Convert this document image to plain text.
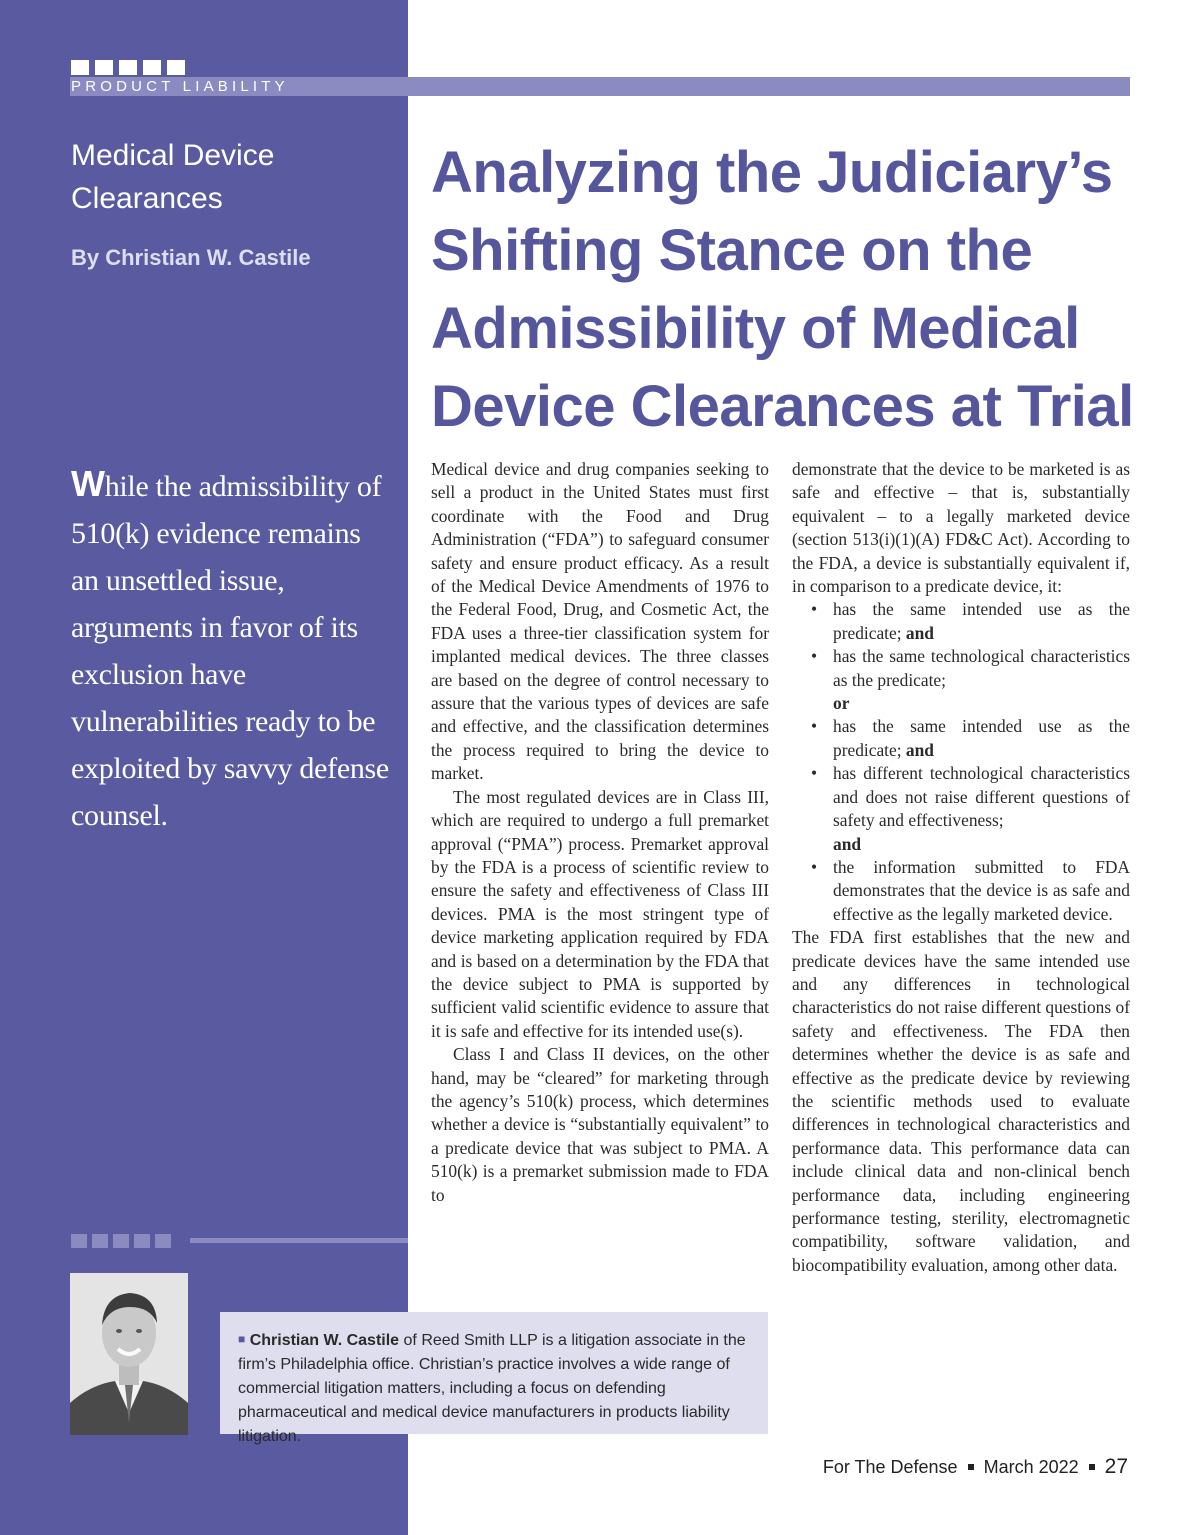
PRODUCT LIABILITY
Medical Device Clearances

By Christian W. Castile

While the admissibility of 510(k) evidence remains an unsettled issue, arguments in favor of its exclusion have vulnerabilities ready to be exploited by savvy defense counsel.

Analyzing the Judiciary’s Shifting Stance on the Admissibility of Medical Device Clearances at Trial

Medical device and drug companies seeking to sell a product in the United States must first coordinate with the Food and Drug Administration (“FDA”) to safeguard consumer safety and ensure product efficacy. As a result of the Medical Device Amendments of 1976 to the Federal Food, Drug, and Cosmetic Act, the FDA uses a three-tier classification system for implanted medical devices. The three classes are based on the degree of control necessary to assure that the various types of devices are safe and effective, and the classification determines the process required to bring the device to market.

The most regulated devices are in Class III, which are required to undergo a full premarket approval (“PMA”) process. Premarket approval by the FDA is a process of scientific review to ensure the safety and effectiveness of Class III devices. PMA is the most stringent type of device marketing application required by FDA and is based on a determination by the FDA that the device subject to PMA is supported by sufficient valid scientific evidence to assure that it is safe and effective for its intended use(s).

Class I and Class II devices, on the other hand, may be “cleared” for marketing through the agency’s 510(k) process, which determines whether a device is “substantially equivalent” to a predicate device that was subject to PMA. A 510(k) is a premarket submission made to FDA to

demonstrate that the device to be marketed is as safe and effective – that is, substantially equivalent – to a legally marketed device (section 513(i)(1)(A) FD&C Act). According to the FDA, a device is substantially equivalent if, in comparison to a predicate device, it:

• has the same intended use as the predicate; and
• has the same technological characteristics as the predicate;
or
• has the same intended use as the predicate; and
• has different technological characteristics and does not raise different questions of safety and effectiveness;
and
• the information submitted to FDA demonstrates that the device is as safe and effective as the legally marketed device.

The FDA first establishes that the new and predicate devices have the same intended use and any differences in technological characteristics do not raise different questions of safety and effectiveness. The FDA then determines whether the device is as safe and effective as the predicate device by reviewing the scientific methods used to evaluate differences in technological characteristics and performance data. This performance data can include clinical data and non-clinical bench performance data, including engineering performance testing, sterility, electromagnetic compatibility, software validation, and biocompatibility evaluation, among other data.

■ Christian W. Castile of Reed Smith LLP is a litigation associate in the firm’s Philadelphia office. Christian’s practice involves a wide range of commercial litigation matters, including a focus on defending pharmaceutical and medical device manufacturers in products liability litigation.
For The Defense March 2022 27
